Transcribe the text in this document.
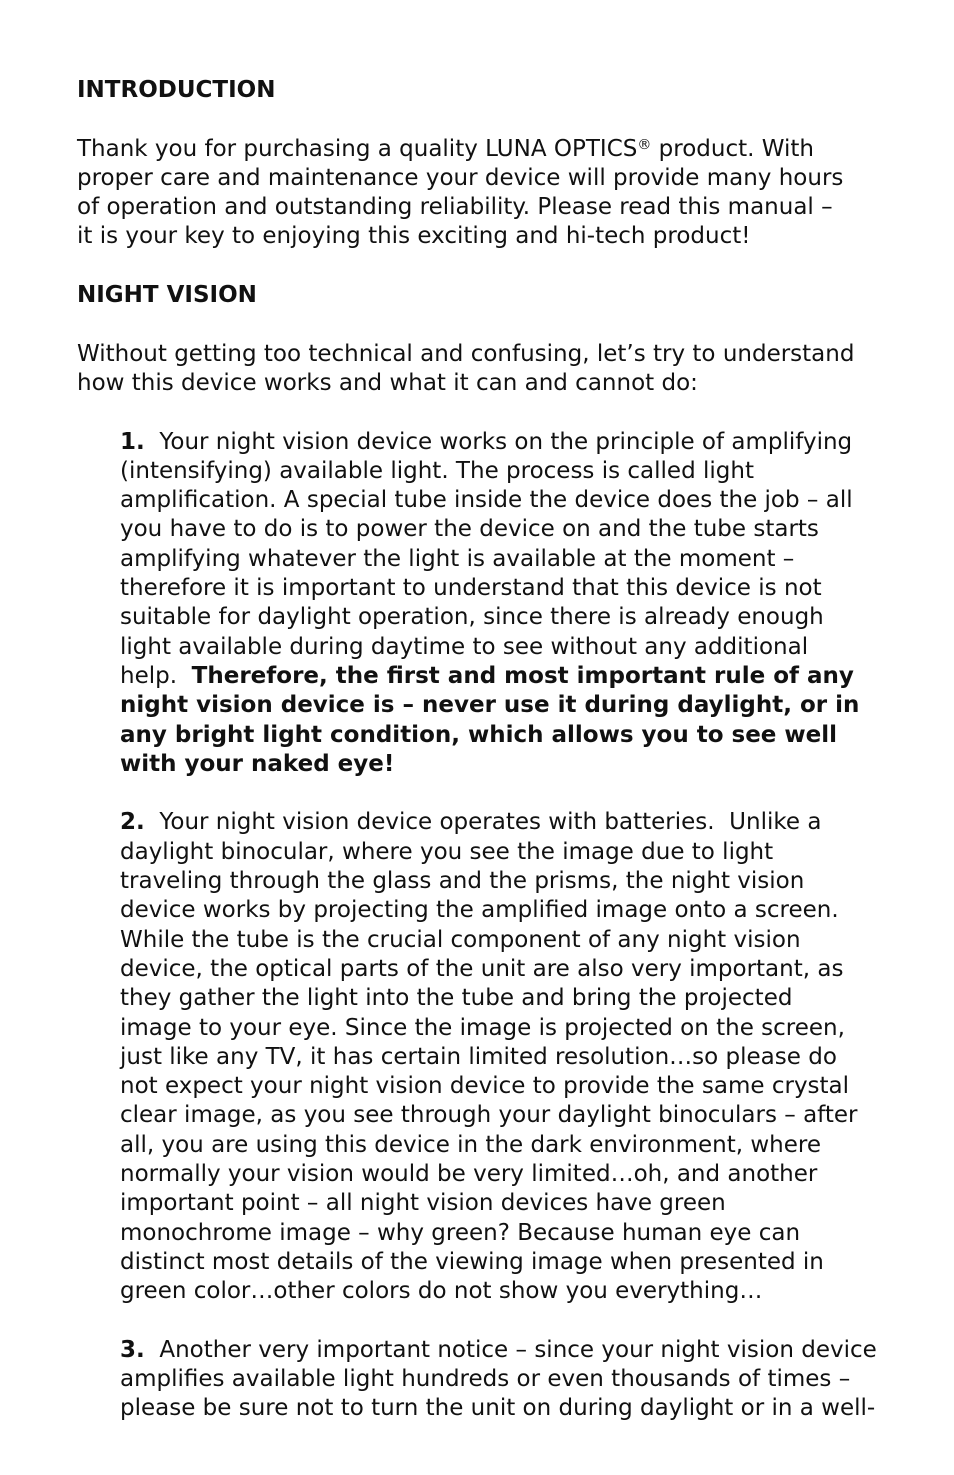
INTRODUCTION

Thank you for purchasing a quality LUNA OPTICS® product. With
proper care and maintenance your device will provide many hours
of operation and outstanding reliability. Please read this manual –
it is your key to enjoying this exciting and hi-tech product!

NIGHT VISION

Without getting too technical and confusing, let’s try to understand
how this device works and what it can and cannot do:

1.  Your night vision device works on the principle of amplifying
(intensifying) available light. The process is called light
amplification. A special tube inside the device does the job – all
you have to do is to power the device on and the tube starts
amplifying whatever the light is available at the moment –
therefore it is important to understand that this device is not
suitable for daylight operation, since there is already enough
light available during daytime to see without any additional
help.  Therefore, the first and most important rule of any
night vision device is – never use it during daylight, or in
any bright light condition, which allows you to see well
with your naked eye!
2.  Your night vision device operates with batteries.  Unlike a
daylight binocular, where you see the image due to light
traveling through the glass and the prisms, the night vision
device works by projecting the amplified image onto a screen.
While the tube is the crucial component of any night vision
device, the optical parts of the unit are also very important, as
they gather the light into the tube and bring the projected
image to your eye. Since the image is projected on the screen,
just like any TV, it has certain limited resolution…so please do
not expect your night vision device to provide the same crystal
clear image, as you see through your daylight binoculars – after
all, you are using this device in the dark environment, where
normally your vision would be very limited…oh, and another
important point – all night vision devices have green
monochrome image – why green? Because human eye can
distinct most details of the viewing image when presented in
green color…other colors do not show you everything…
3.  Another very important notice – since your night vision device
amplifies available light hundreds or even thousands of times –
please be sure not to turn the unit on during daylight or in a well-
